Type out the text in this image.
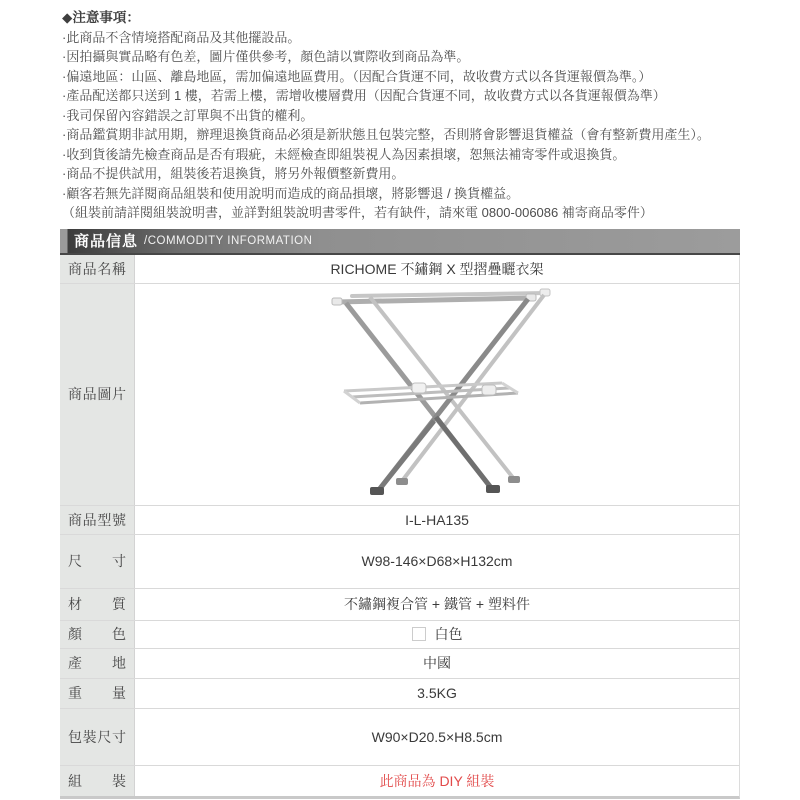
◆注意事項：
·此商品不含情境搭配商品及其他擺設品。
·因拍攝與實品略有色差，圖片僅供參考，顏色請以實際收到商品為準。
·偏遠地區：山區、離島地區，需加偏遠地區費用。（因配合貨運不同，故收費方式以各貨運報價為準。）
·產品配送都只送到 1 樓，若需上樓，需增收樓層費用（因配合貨運不同，故收費方式以各貨運報價為準）
·我司保留內容錯誤之訂單與不出貨的權利。
·商品鑑賞期非試用期，辦理退換貨商品必須是新狀態且包裝完整，否則將會影響退貨權益（會有整新費用產生）。
·收到貨後請先檢查商品是否有瑕疵，未經檢查即組裝視人為因素損壞，恕無法補寄零件或退換貨。
·商品不提供試用，組裝後若退換貨，將另外報價整新費用。
·顧客若無先詳閱商品組裝和使用說明而造成的商品損壞，將影響退 / 換貨權益。
（組裝前請詳閱組裝說明書，並詳對組裝說明書零件，若有缺件，請來電 0800-006086 補寄商品零件）
商品信息 /COMMODITY INFORMATION
商品名稱	RICHOME 不鏽鋼 X 型摺疊曬衣架
商品圖片
商品型號	I-L-HA135
尺寸	W98-146×D68×H132cm
材質	不鏽鋼複合管 + 鐵管 + 塑料件
顏色	白色
產地	中國
重量	3.5KG
包裝尺寸	W90×D20.5×H8.5cm
組裝	此商品為 DIY 組裝
